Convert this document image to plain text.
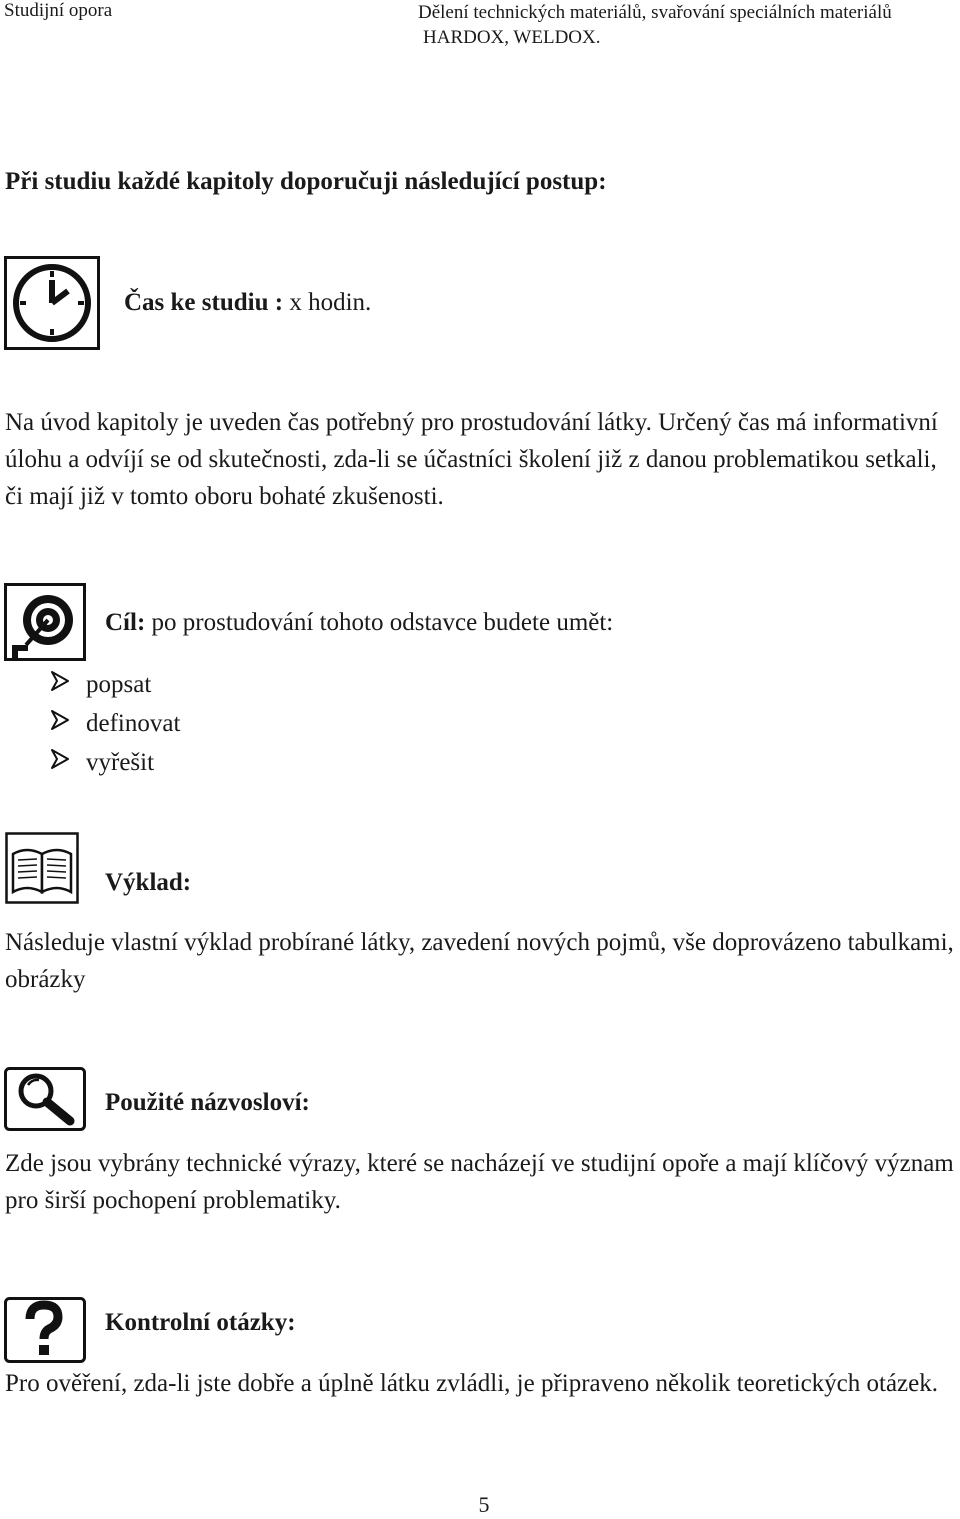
Studijní opora	Dělení technických materiálů, svařování speciálních materiálů
HARDOX, WELDOX.
Při studiu každé kapitoly doporučuji následující postup:
Čas ke studiu : x hodin.
Na úvod kapitoly je uveden čas potřebný pro prostudování látky. Určený čas má informativní úlohu a odvíjí se od skutečnosti, zda-li se účastníci školení již z danou problematikou setkali, či mají již v tomto oboru bohaté zkušenosti.
Cíl: po prostudování tohoto odstavce budete umět:
popsat
definovat
vyřešit
Výklad:
Následuje vlastní výklad probírané látky, zavedení nových pojmů, vše doprovázeno tabulkami, obrázky
Použité názvosloví:
Zde jsou vybrány technické výrazy, které se nacházejí ve studijní opoře a mají klíčový význam pro širší pochopení problematiky.
Kontrolní otázky:
Pro ověření, zda-li jste dobře a úplně látku zvládli, je připraveno několik teoretických otázek.
5
